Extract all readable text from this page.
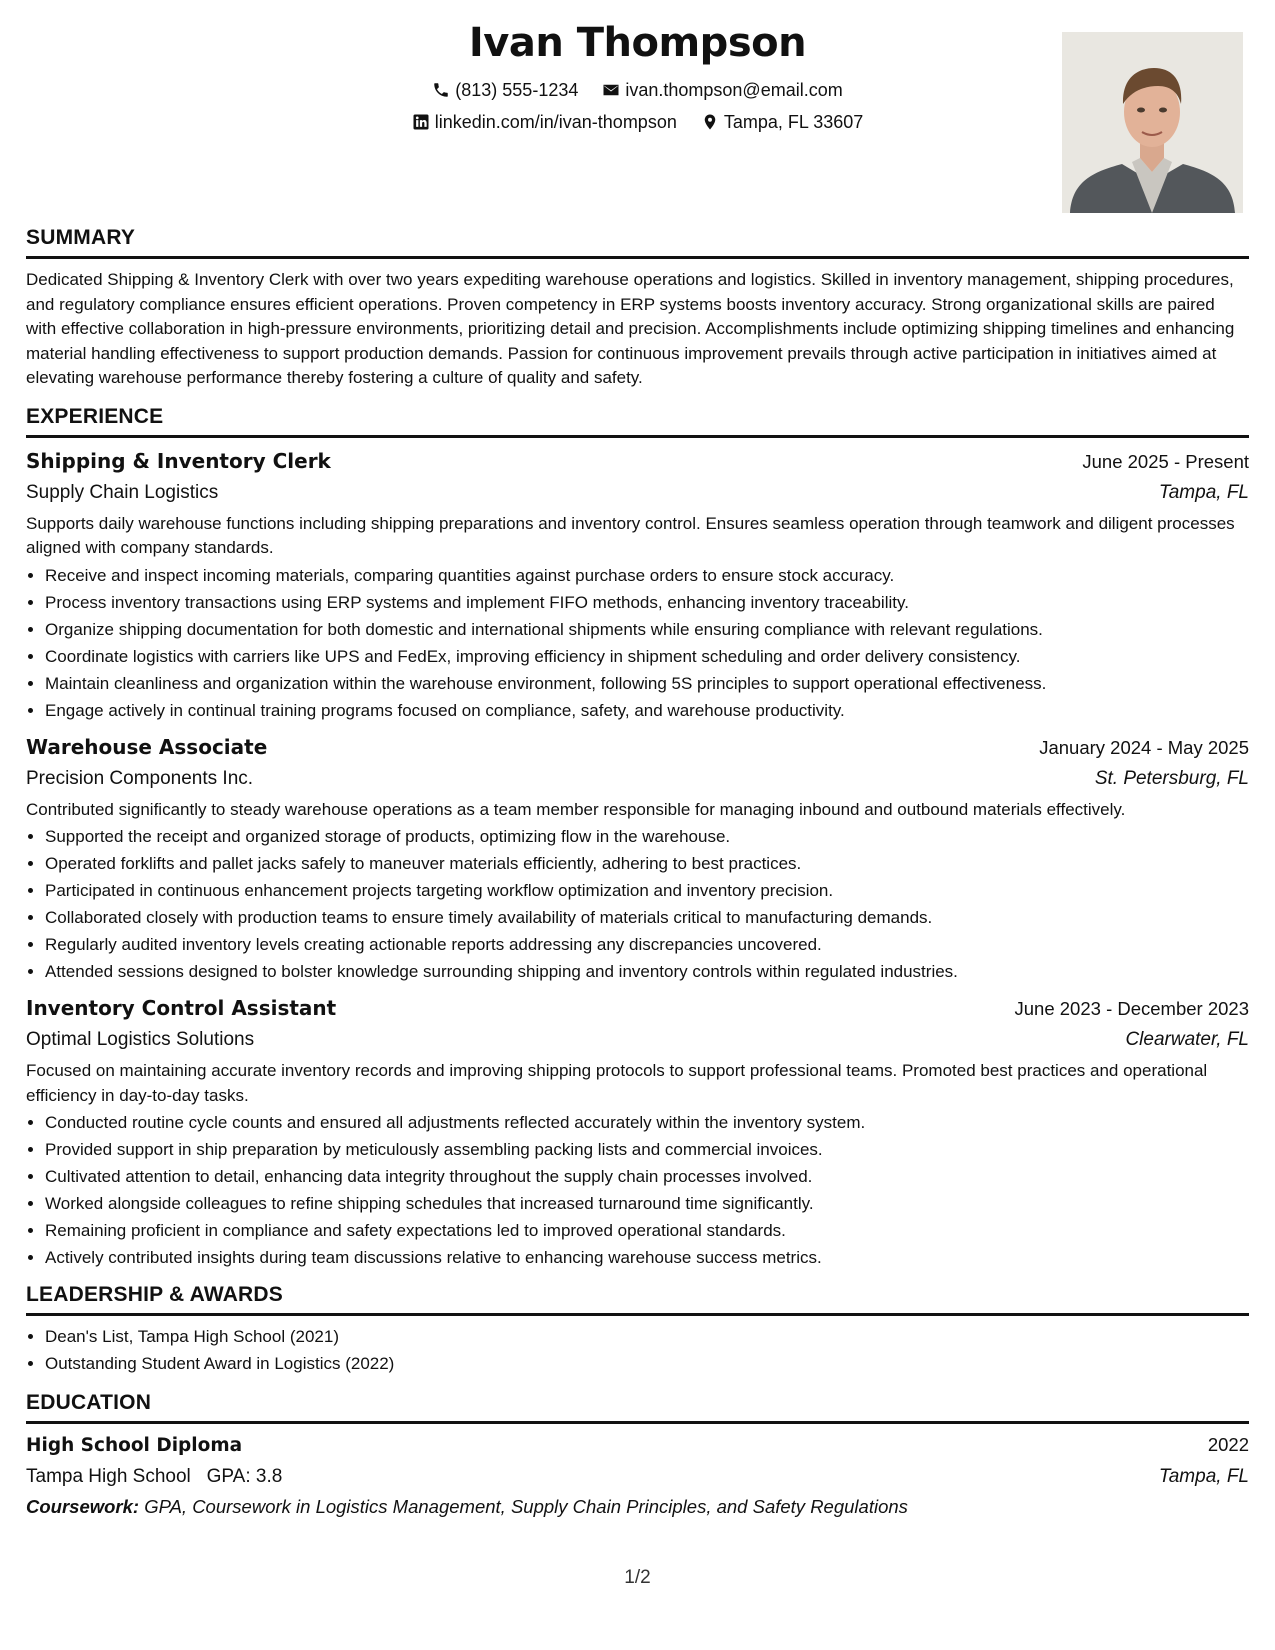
Ivan Thompson
(813) 555-1234	ivan.thompson@email.com
linkedin.com/in/ivan-thompson	Tampa, FL 33607
SUMMARY

Dedicated Shipping & Inventory Clerk with over two years expediting warehouse operations and logistics. Skilled in inventory management, shipping procedures, and regulatory compliance ensures efficient operations. Proven competency in ERP systems boosts inventory accuracy. Strong organizational skills are paired with effective collaboration in high-pressure environments, prioritizing detail and precision. Accomplishments include optimizing shipping timelines and enhancing material handling effectiveness to support production demands. Passion for continuous improvement prevails through active participation in initiatives aimed at elevating warehouse performance thereby fostering a culture of quality and safety.

EXPERIENCE
Shipping & Inventory Clerk	June 2025 - Present
Supply Chain Logistics	Tampa, FL

Supports daily warehouse functions including shipping preparations and inventory control. Ensures seamless operation through teamwork and diligent processes aligned with company standards.

• Receive and inspect incoming materials, comparing quantities against purchase orders to ensure stock accuracy.
• Process inventory transactions using ERP systems and implement FIFO methods, enhancing inventory traceability.
• Organize shipping documentation for both domestic and international shipments while ensuring compliance with relevant regulations.
• Coordinate logistics with carriers like UPS and FedEx, improving efficiency in shipment scheduling and order delivery consistency.
• Maintain cleanliness and organization within the warehouse environment, following 5S principles to support operational effectiveness.
• Engage actively in continual training programs focused on compliance, safety, and warehouse productivity.
Warehouse Associate	January 2024 - May 2025
Precision Components Inc.	St. Petersburg, FL

Contributed significantly to steady warehouse operations as a team member responsible for managing inbound and outbound materials effectively.

• Supported the receipt and organized storage of products, optimizing flow in the warehouse.
• Operated forklifts and pallet jacks safely to maneuver materials efficiently, adhering to best practices.
• Participated in continuous enhancement projects targeting workflow optimization and inventory precision.
• Collaborated closely with production teams to ensure timely availability of materials critical to manufacturing demands.
• Regularly audited inventory levels creating actionable reports addressing any discrepancies uncovered.
• Attended sessions designed to bolster knowledge surrounding shipping and inventory controls within regulated industries.
Inventory Control Assistant	June 2023 - December 2023
Optimal Logistics Solutions	Clearwater, FL

Focused on maintaining accurate inventory records and improving shipping protocols to support professional teams. Promoted best practices and operational efficiency in day-to-day tasks.

• Conducted routine cycle counts and ensured all adjustments reflected accurately within the inventory system.
• Provided support in ship preparation by meticulously assembling packing lists and commercial invoices.
• Cultivated attention to detail, enhancing data integrity throughout the supply chain processes involved.
• Worked alongside colleagues to refine shipping schedules that increased turnaround time significantly.
• Remaining proficient in compliance and safety expectations led to improved operational standards.
• Actively contributed insights during team discussions relative to enhancing warehouse success metrics.
LEADERSHIP & AWARDS
• Dean's List, Tampa High School (2021)
• Outstanding Student Award in Logistics (2022)
EDUCATION
High School Diploma	2022
Tampa High School GPA: 3.8	Tampa, FL
Coursework: GPA, Coursework in Logistics Management, Supply Chain Principles, and Safety Regulations
1/2
